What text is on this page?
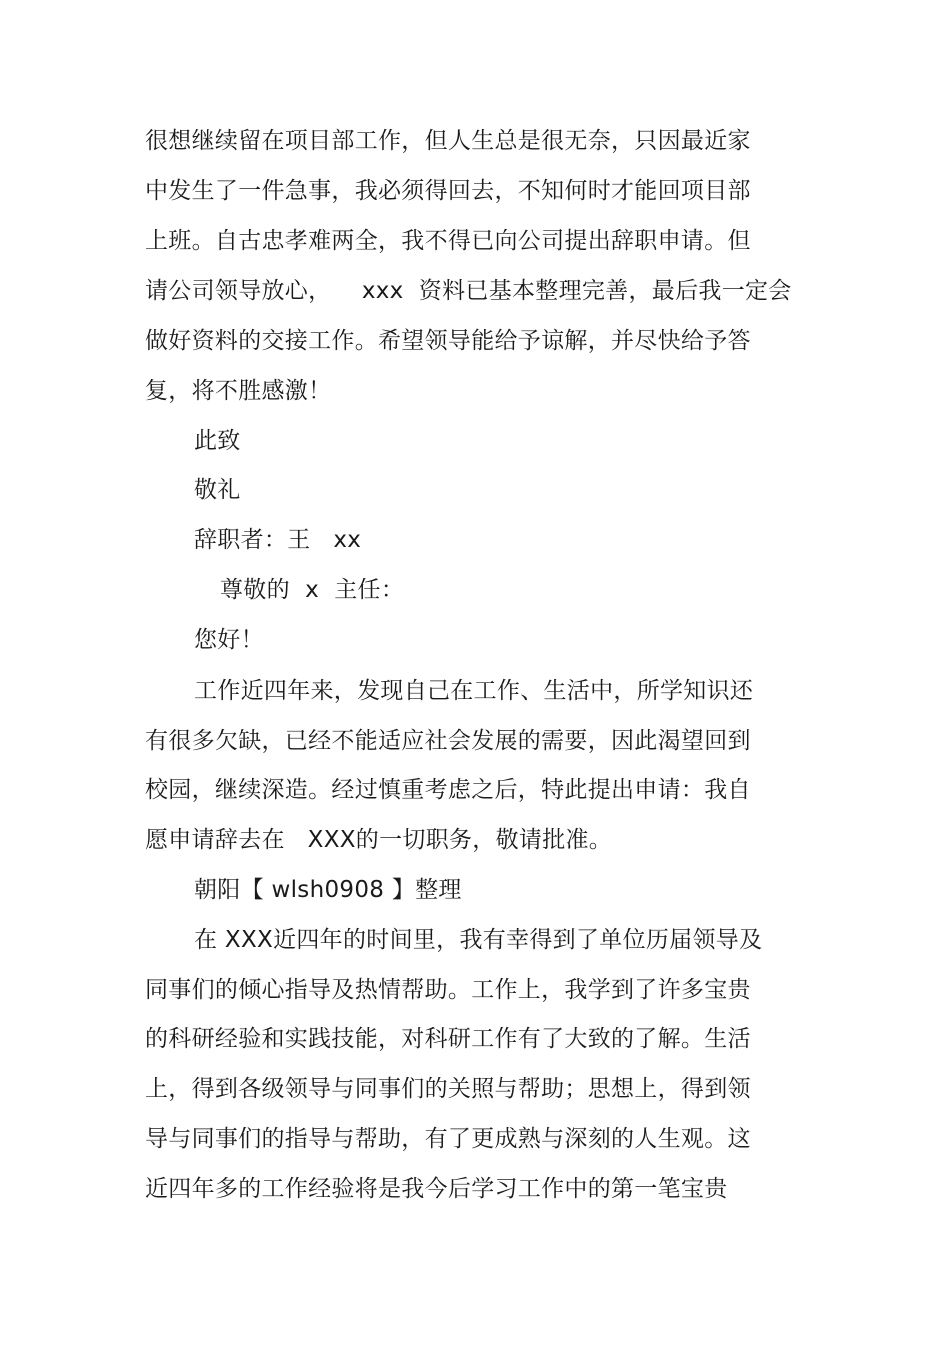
很想继续留在项目部工作，但人生总是很无奈，只因最近家
中发生了一件急事，我必须得回去，不知何时才能回项目部
上班。自古忠孝难两全，我不得已向公司提出辞职申请。但
请公司领导放心，    xxx  资料已基本整理完善，最后我一定会
做好资料的交接工作。希望领导能给予谅解，并尽快给予答
复，将不胜感激！
此致
敬礼
辞职者：王   xx
尊敬的  x  主任：
您好！
工作近四年来，发现自己在工作、生活中，所学知识还
有很多欠缺，已经不能适应社会发展的需要，因此渴望回到
校园，继续深造。经过慎重考虑之后，特此提出申请：我自
愿申请辞去在   XXX的一切职务，敬请批准。
朝阳【 wlsh0908 】整理
在 XXX近四年的时间里，我有幸得到了单位历届领导及
同事们的倾心指导及热情帮助。工作上，我学到了许多宝贵
的科研经验和实践技能，对科研工作有了大致的了解。生活
上，得到各级领导与同事们的关照与帮助；思想上，得到领
导与同事们的指导与帮助，有了更成熟与深刻的人生观。这
近四年多的工作经验将是我今后学习工作中的第一笔宝贵
